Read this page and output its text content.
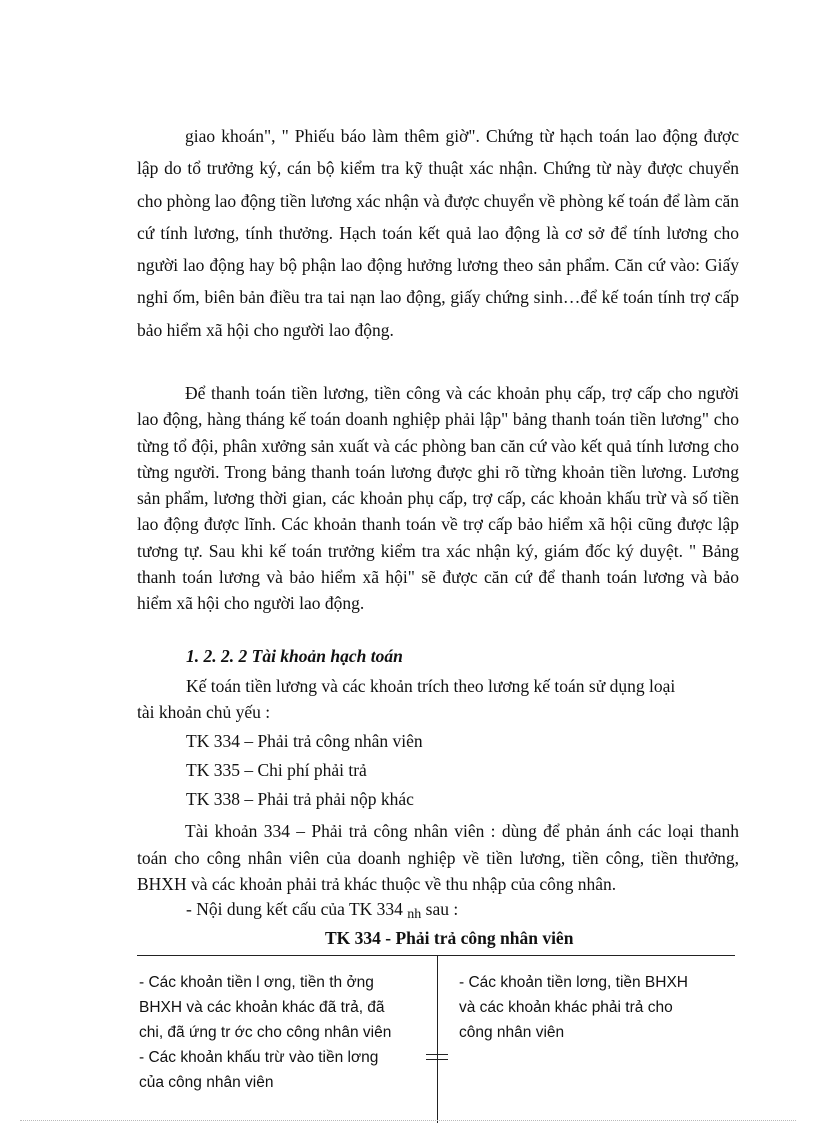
giao khoán", " Phiếu báo làm thêm giờ". Chứng từ hạch toán lao động được lập do tổ trưởng ký, cán bộ kiểm tra kỹ thuật xác nhận. Chứng từ này được chuyển cho phòng lao động tiền lương xác nhận và được chuyển về phòng kế toán để làm căn cứ tính lương, tính thưởng. Hạch toán kết quả lao động là cơ sở để tính lương cho người lao động hay bộ phận lao động hưởng lương theo sản phẩm. Căn cứ vào: Giấy nghỉ ốm, biên bản điều tra tai nạn lao động, giấy chứng sinh…để kế toán tính trợ cấp bảo hiểm xã hội cho người lao động.

Để thanh toán tiền lương, tiền công và các khoản phụ cấp, trợ cấp cho người lao động, hàng tháng kế toán doanh nghiệp phải lập" bảng thanh toán tiền lương" cho từng tổ đội, phân xưởng sản xuất và các phòng ban căn cứ vào kết quả tính lương cho từng người. Trong bảng thanh toán lương được ghi rõ từng khoản tiền lương. Lương sản phẩm, lương thời gian, các khoản phụ cấp, trợ cấp, các khoản khấu trừ và số tiền lao động được lĩnh. Các khoản thanh toán về trợ cấp bảo hiểm xã hội cũng được lập tương tự. Sau khi kế toán trưởng kiểm tra xác nhận ký, giám đốc ký duyệt. " Bảng thanh toán lương và bảo hiểm xã hội" sẽ được căn cứ để thanh toán lương và bảo hiểm xã hội cho người lao động.

1. 2. 2. 2 Tài khoản hạch toán

Kế toán tiền lương và các khoản trích theo lương kế toán sử dụng loại

tài khoản chủ yếu :

TK 334 – Phải trả công nhân viên

TK 335 – Chi phí phải trả

TK 338 – Phải trả phải nộp khác

Tài khoản 334 – Phải trả công nhân viên : dùng để phản ánh các loại thanh toán cho công nhân viên của doanh nghiệp về tiền lương, tiền công, tiền thưởng, BHXH và các khoản phải trả khác thuộc về thu nhập của công nhân.

- Nội dung kết cấu của TK 334 nh sau :

TK 334 - Phải trả công nhân viên

- Các khoản tiền l ơng, tiền th ởng
BHXH và các khoản khác đã trả, đã
chi, đã ứng tr ớc cho công nhân viên
- Các khoản khấu trừ vào tiền lơng
của công nhân viên
- Các khoản tiền lơng, tiền BHXH
và các khoản khác phải trả cho
công nhân viên
